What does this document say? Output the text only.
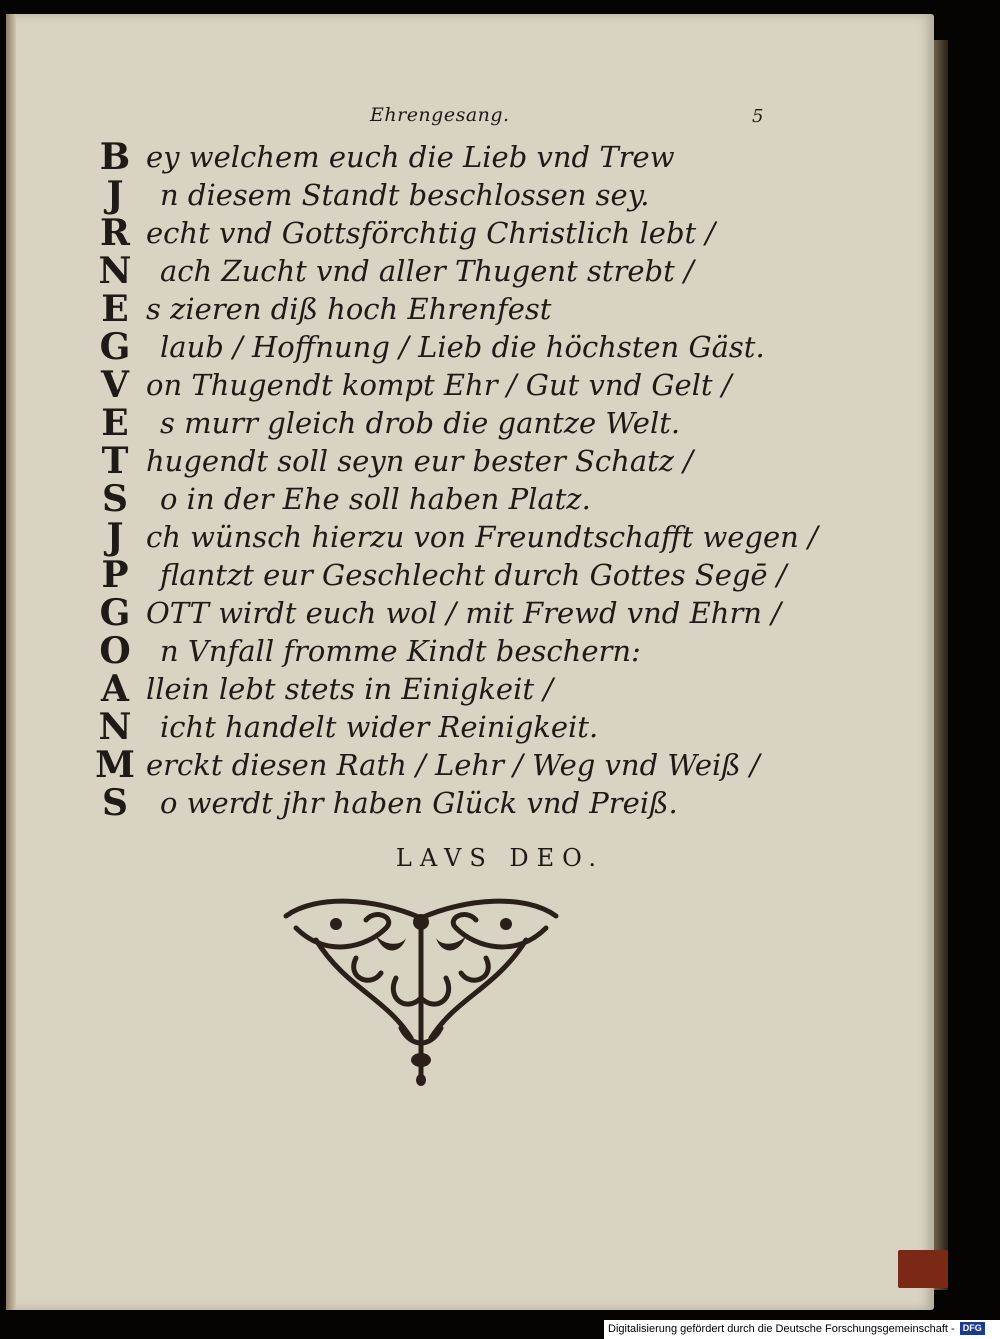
Ehrengesang.	5
B ey welchem euch die Lieb vnd Trew
J	n diesem Standt beschlossen sey.
R echt vnd Gottsförchtig Christlich lebt /
N ach Zucht vnd aller Thugent strebt /
E s zieren diß hoch Ehrenfest
G	laub / Hoffnung / Lieb die höchsten Gäst.
V on Thugendt kompt Ehr / Gut vnd Gelt /
E	s murr gleich drob die gantze Welt.
T hugendt soll seyn eur bester Schatz /
S	o in der Ehe soll haben Platz.
J ch wünsch hierzu von Freundtschafft wegen /
P	flantzt eur Geschlecht durch Gottes Segē /
G OTT wirdt euch wol / mit Frewd vnd Ehrn /
O	n Vnfall fromme Kindt beschern:
A llein lebt stets in Einigkeit /
N icht handelt wider Reinigkeit.
M erckt diesen Rath / Lehr / Weg vnd Weiß /
S	o werdt jhr haben Glück vnd Preiß.
LAVS DEO.
Digitalisierung gefördert durch die Deutsche Forschungsgemeinschaft - DFG
